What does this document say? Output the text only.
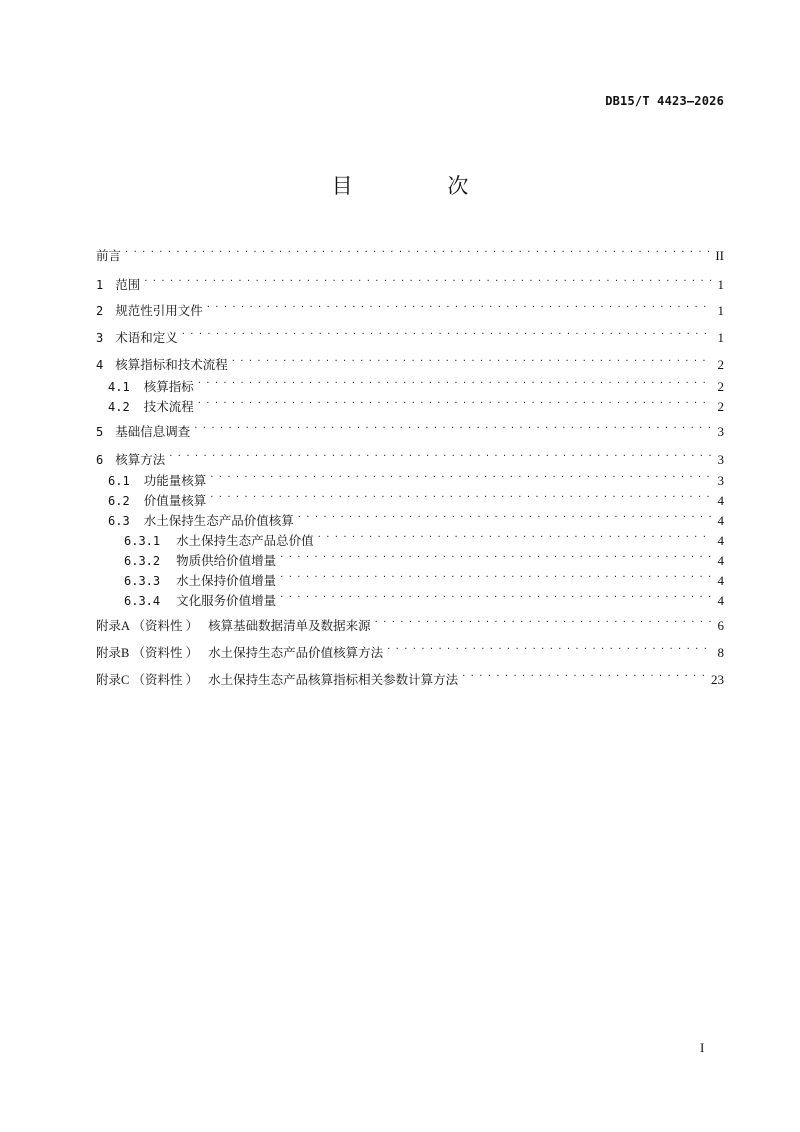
DB15/T 4423—2026
目 次
前言 . . .	II
1 范围 . . .	1
2 规范性引用文件 . . .	1
3 术语和定义 . . .	1
4 核算指标和技术流程 . . .	2
4.1 核算指标 . . .	2
4.2 技术流程 . . .	2
5 基础信息调查 . . .	3
6 核算方法 . . .	3
6.1 功能量核算 . . .	3
6.2 价值量核算 . . .	4
6.3 水土保持生态产品价值核算 . . .	4
6.3.1 水土保持生态产品总价值 . . .	4
6.3.2 物质供给价值增量 . . .	4
6.3.3 水土保持价值增量 . . .	4
6.3.4 文化服务价值增量 . . .	4
附录A （资料性 ） 核算基础数据清单及数据来源 . . .	6
附录B （资料性 ） 水土保持生态产品价值核算方法 . . .	8
附录C （资料性 ） 水土保持生态产品核算指标相关参数计算方法 . . .	23
I
